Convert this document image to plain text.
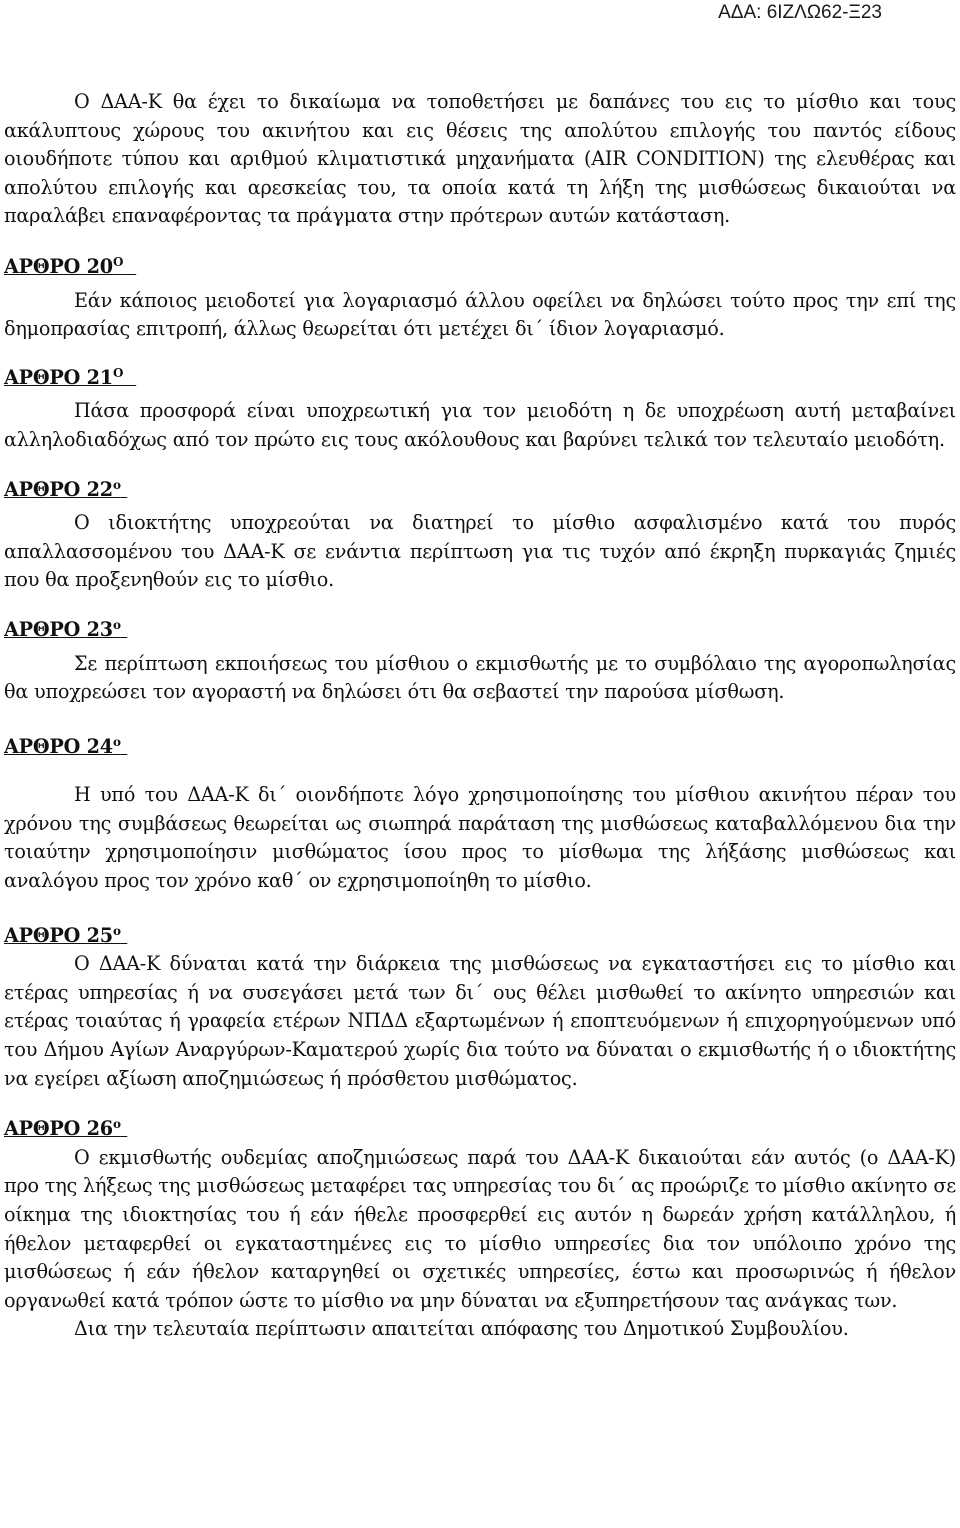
ΑΔΑ: 6ΙΖΛΩ62-Ξ23

Ο ΔΑΑ-Κ θα έχει το δικαίωμα να τοποθετήσει με δαπάνες του εις το μίσθιο και τους ακάλυπτους χώρους του ακινήτου και εις θέσεις της απολύτου επιλογής του παντός είδους οιουδήποτε τύπου και αριθμού κλιματιστικά μηχανήματα (AIR CONDITION) της ελευθέρας και απολύτου επιλογής και αρεσκείας του, τα οποία κατά τη λήξη της μισθώσεως δικαιούται να παραλάβει επαναφέροντας τα πράγματα στην πρότερων αυτών κατάσταση.

ΑΡΘΡΟ $20^O$

Εάν κάποιος μειοδοτεί για λογαριασμό άλλου οφείλει να δηλώσει τούτο προς την επί της δημοπρασίας επιτροπή, άλλως θεωρείται ότι μετέχει δι΄ ίδιον λογαριασμό.

ΑΡΘΡΟ $21^O$

Πάσα προσφορά είναι υποχρεωτική για τον μειοδότη η δε υποχρέωση αυτή μεταβαίνει αλληλοδιαδόχως από τον πρώτο εις τους ακόλουθους και βαρύνει τελικά τον τελευταίο μειοδότη.

ΑΡΘΡΟ $22^o$

Ο ιδιοκτήτης υποχρεούται να διατηρεί το μίσθιο ασφαλισμένο κατά του πυρός απαλλασσομένου του ΔΑΑ-Κ σε ενάντια περίπτωση για τις τυχόν από έκρηξη πυρκαγιάς ζημιές που θα προξενηθούν εις το μίσθιο.

ΑΡΘΡΟ $23^o$

Σε περίπτωση εκποιήσεως του μίσθιου ο εκμισθωτής με το συμβόλαιο της αγοροπωλησίας θα υποχρεώσει τον αγοραστή να δηλώσει ότι θα σεβαστεί την παρούσα μίσθωση.

ΑΡΘΡΟ $24^o$

Η υπό του ΔΑΑ-Κ δι΄ οιονδήποτε λόγο χρησιμοποίησης του μίσθιου ακινήτου πέραν του χρόνου της συμβάσεως θεωρείται ως σιωπηρά παράταση της μισθώσεως καταβαλλόμενου δια την τοιαύτην χρησιμοποίησιν μισθώματος ίσου προς το μίσθωμα της λήξάσης μισθώσεως και αναλόγου προς τον χρόνο καθ΄ ον εχρησιμοποίηθη το μίσθιο.

ΑΡΘΡΟ $25^o$

Ο ΔΑΑ-Κ δύναται κατά την διάρκεια της μισθώσεως να εγκαταστήσει εις το μίσθιο και ετέρας υπηρεσίας ή να συσεγάσει μετά των δι΄ ους θέλει μισθωθεί το ακίνητο υπηρεσιών και ετέρας τοιαύτας ή γραφεία ετέρων ΝΠΔΔ εξαρτωμένων ή εποπτευόμενων ή επιχορηγούμενων υπό του Δήμου Αγίων Αναργύρων-Καματερού χωρίς δια τούτο να δύναται ο εκμισθωτής ή ο ιδιοκτήτης να εγείρει αξίωση αποζημιώσεως ή πρόσθετου μισθώματος.

ΑΡΘΡΟ $26^o$

Ο εκμισθωτής ουδεμίας αποζημιώσεως παρά του ΔΑΑ-Κ δικαιούται εάν αυτός (ο ΔΑΑ-Κ) προ της λήξεως της μισθώσεως μεταφέρει τας υπηρεσίας του δι΄ ας προώριζε το μίσθιο ακίνητο σε οίκημα της ιδιοκτησίας του ή εάν ήθελε προσφερθεί εις αυτόν η δωρεάν χρήση κατάλληλου, ή ήθελον μεταφερθεί οι εγκαταστημένες εις το μίσθιο υπηρεσίες δια τον υπόλοιπο χρόνο της μισθώσεως ή εάν ήθελον καταργηθεί οι σχετικές υπηρεσίες, έστω και προσωρινώς ή ήθελον οργανωθεί κατά τρόπον ώστε το μίσθιο να μην δύναται να εξυπηρετήσουν τας ανάγκας των.

Δια την τελευταία περίπτωσιν απαιτείται απόφασης του Δημοτικού Συμβουλίου.
